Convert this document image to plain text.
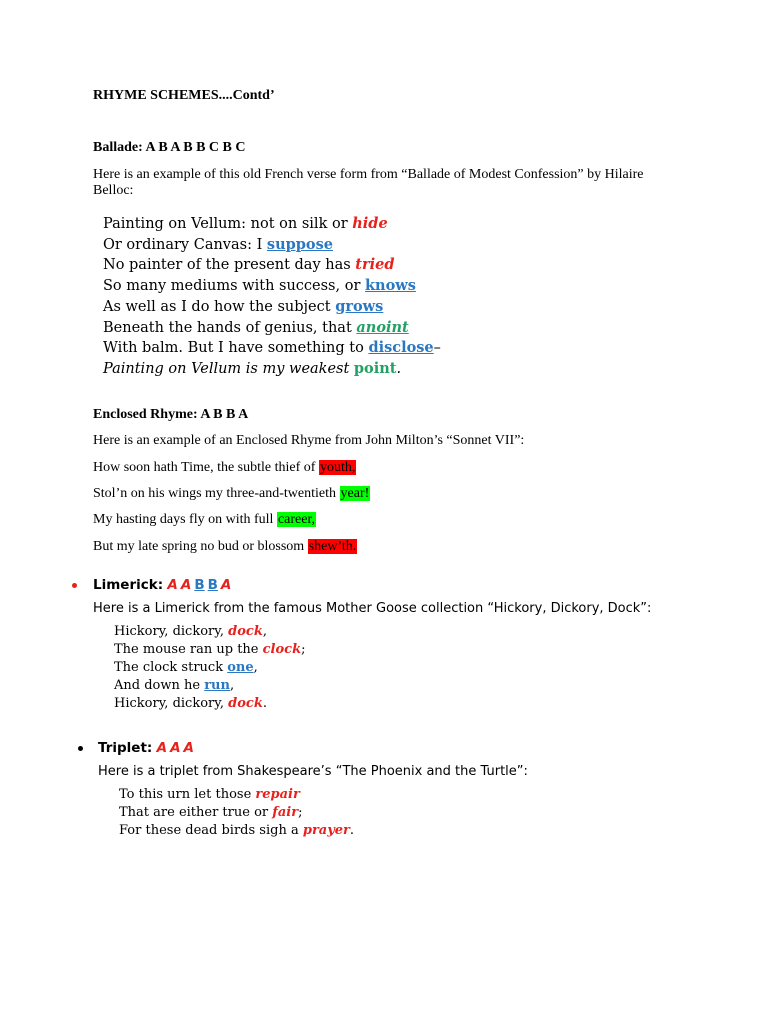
RHYME SCHEMES....Contd’
Ballade: A B A B B C B C
Here is an example of this old French verse form from “Ballade of Modest Confession” by Hilaire Belloc:
Painting on Vellum: not on silk or hide
Or ordinary Canvas: I suppose
No painter of the present day has tried
So many mediums with success, or knows
As well as I do how the subject grows
Beneath the hands of genius, that anoint
With balm. But I have something to disclose–
Painting on Vellum is my weakest point.
Enclosed Rhyme: A B B A
Here is an example of an Enclosed Rhyme from John Milton’s “Sonnet VII”:
How soon hath Time, the subtle thief of youth,
Stol’n on his wings my three-and-twentieth year!
My hasting days fly on with full career,
But my late spring no bud or blossom shew’th.
Limerick: A A B B A
Here is a Limerick from the famous Mother Goose collection “Hickory, Dickory, Dock”:
Hickory, dickory, dock,
The mouse ran up the clock;
The clock struck one,
And down he run,
Hickory, dickory, dock.
Triplet: A A A
Here is a triplet from Shakespeare’s “The Phoenix and the Turtle”:
To this urn let those repair
That are either true or fair;
For these dead birds sigh a prayer.
